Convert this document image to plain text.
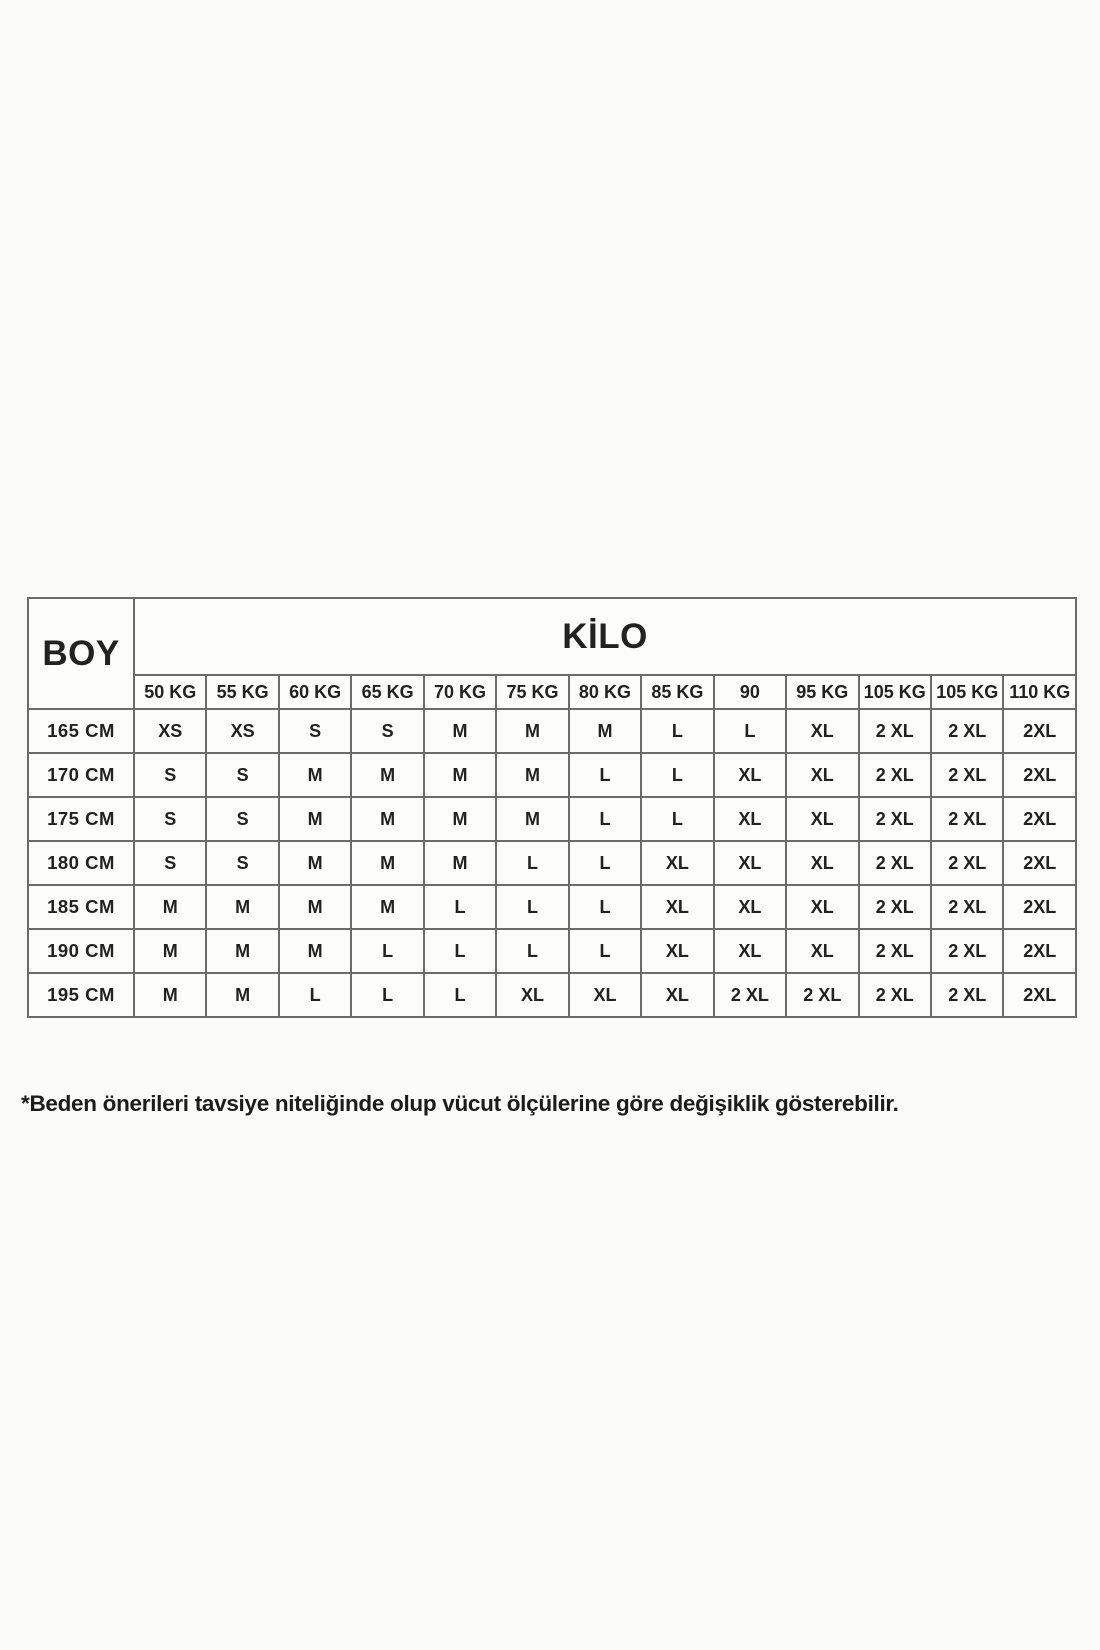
BOY	KİLO												
	50 KG	55 KG	60 KG	65 KG	70 KG	75 KG	80 KG	85 KG	90	95 KG	105 KG	105 KG	110 KG
165 CM	XS	XS	S	S	M	M	M	L	L	XL	2 XL	2 XL	2XL
170 CM	S	S	M	M	M	M	L	L	XL	XL	2 XL	2 XL	2XL
175 CM	S	S	M	M	M	M	L	L	XL	XL	2 XL	2 XL	2XL
180 CM	S	S	M	M	M	L	L	XL	XL	XL	2 XL	2 XL	2XL
185 CM	M	M	M	M	L	L	L	XL	XL	XL	2 XL	2 XL	2XL
190 CM	M	M	M	L	L	L	L	XL	XL	XL	2 XL	2 XL	2XL
195 CM	M	M	L	L	L	XL	XL	XL	2 XL	2 XL	2 XL	2 XL	2XL
*Beden önerileri tavsiye niteliğinde olup vücut ölçülerine göre değişiklik gösterebilir.
